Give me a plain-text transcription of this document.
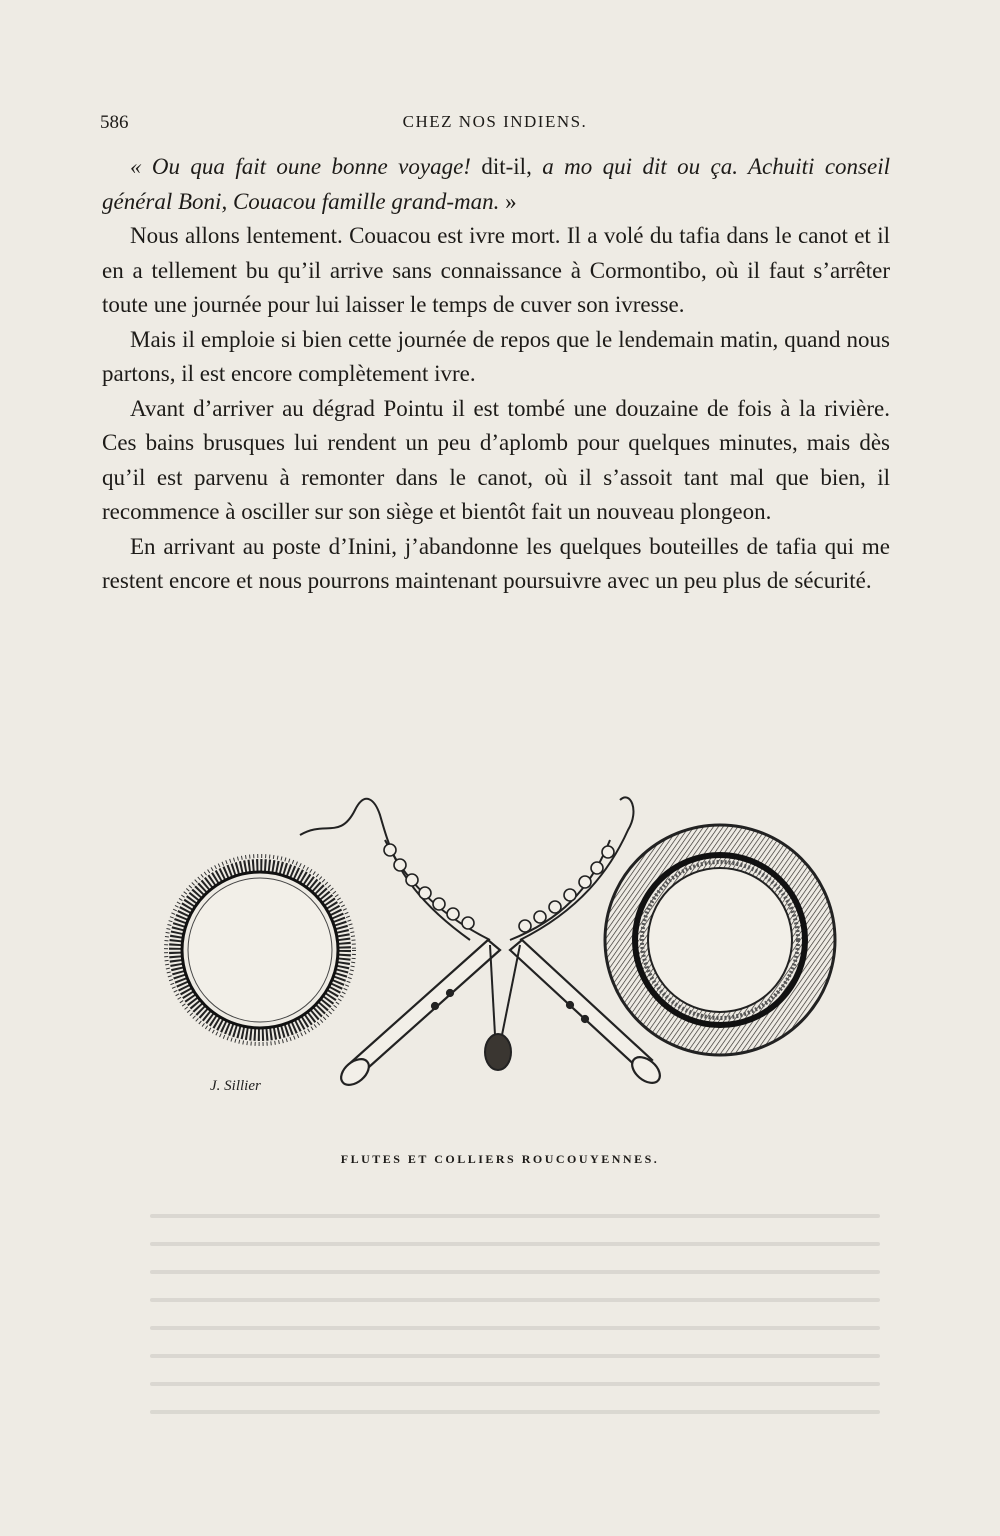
586	CHEZ NOS INDIENS.

« Ou qua fait oune bonne voyage! dit-il, a mo qui dit ou ça. Achuiti conseil général Boni, Couacou famille grand-man. »

Nous allons lentement. Couacou est ivre mort. Il a volé du tafia dans le canot et il en a tellement bu qu’il arrive sans connaissance à Cormontibo, où il faut s’arrêter toute une journée pour lui laisser le temps de cuver son ivresse.

Mais il emploie si bien cette journée de repos que le lendemain matin, quand nous partons, il est encore complètement ivre.

Avant d’arriver au dégrad Pointu il est tombé une douzaine de fois à la rivière. Ces bains brusques lui rendent un peu d’aplomb pour quelques minutes, mais dès qu’il est parvenu à remonter dans le canot, où il s’assoit tant mal que bien, il recommence à osciller sur son siège et bientôt fait un nouveau plongeon.

En arrivant au poste d’Inini, j’abandonne les quelques bouteilles de tafia qui me restent encore et nous pourrons maintenant poursuivre avec un peu plus de sécurité.

J. Sillier
FLUTES ET COLLIERS ROUCOUYENNES.
